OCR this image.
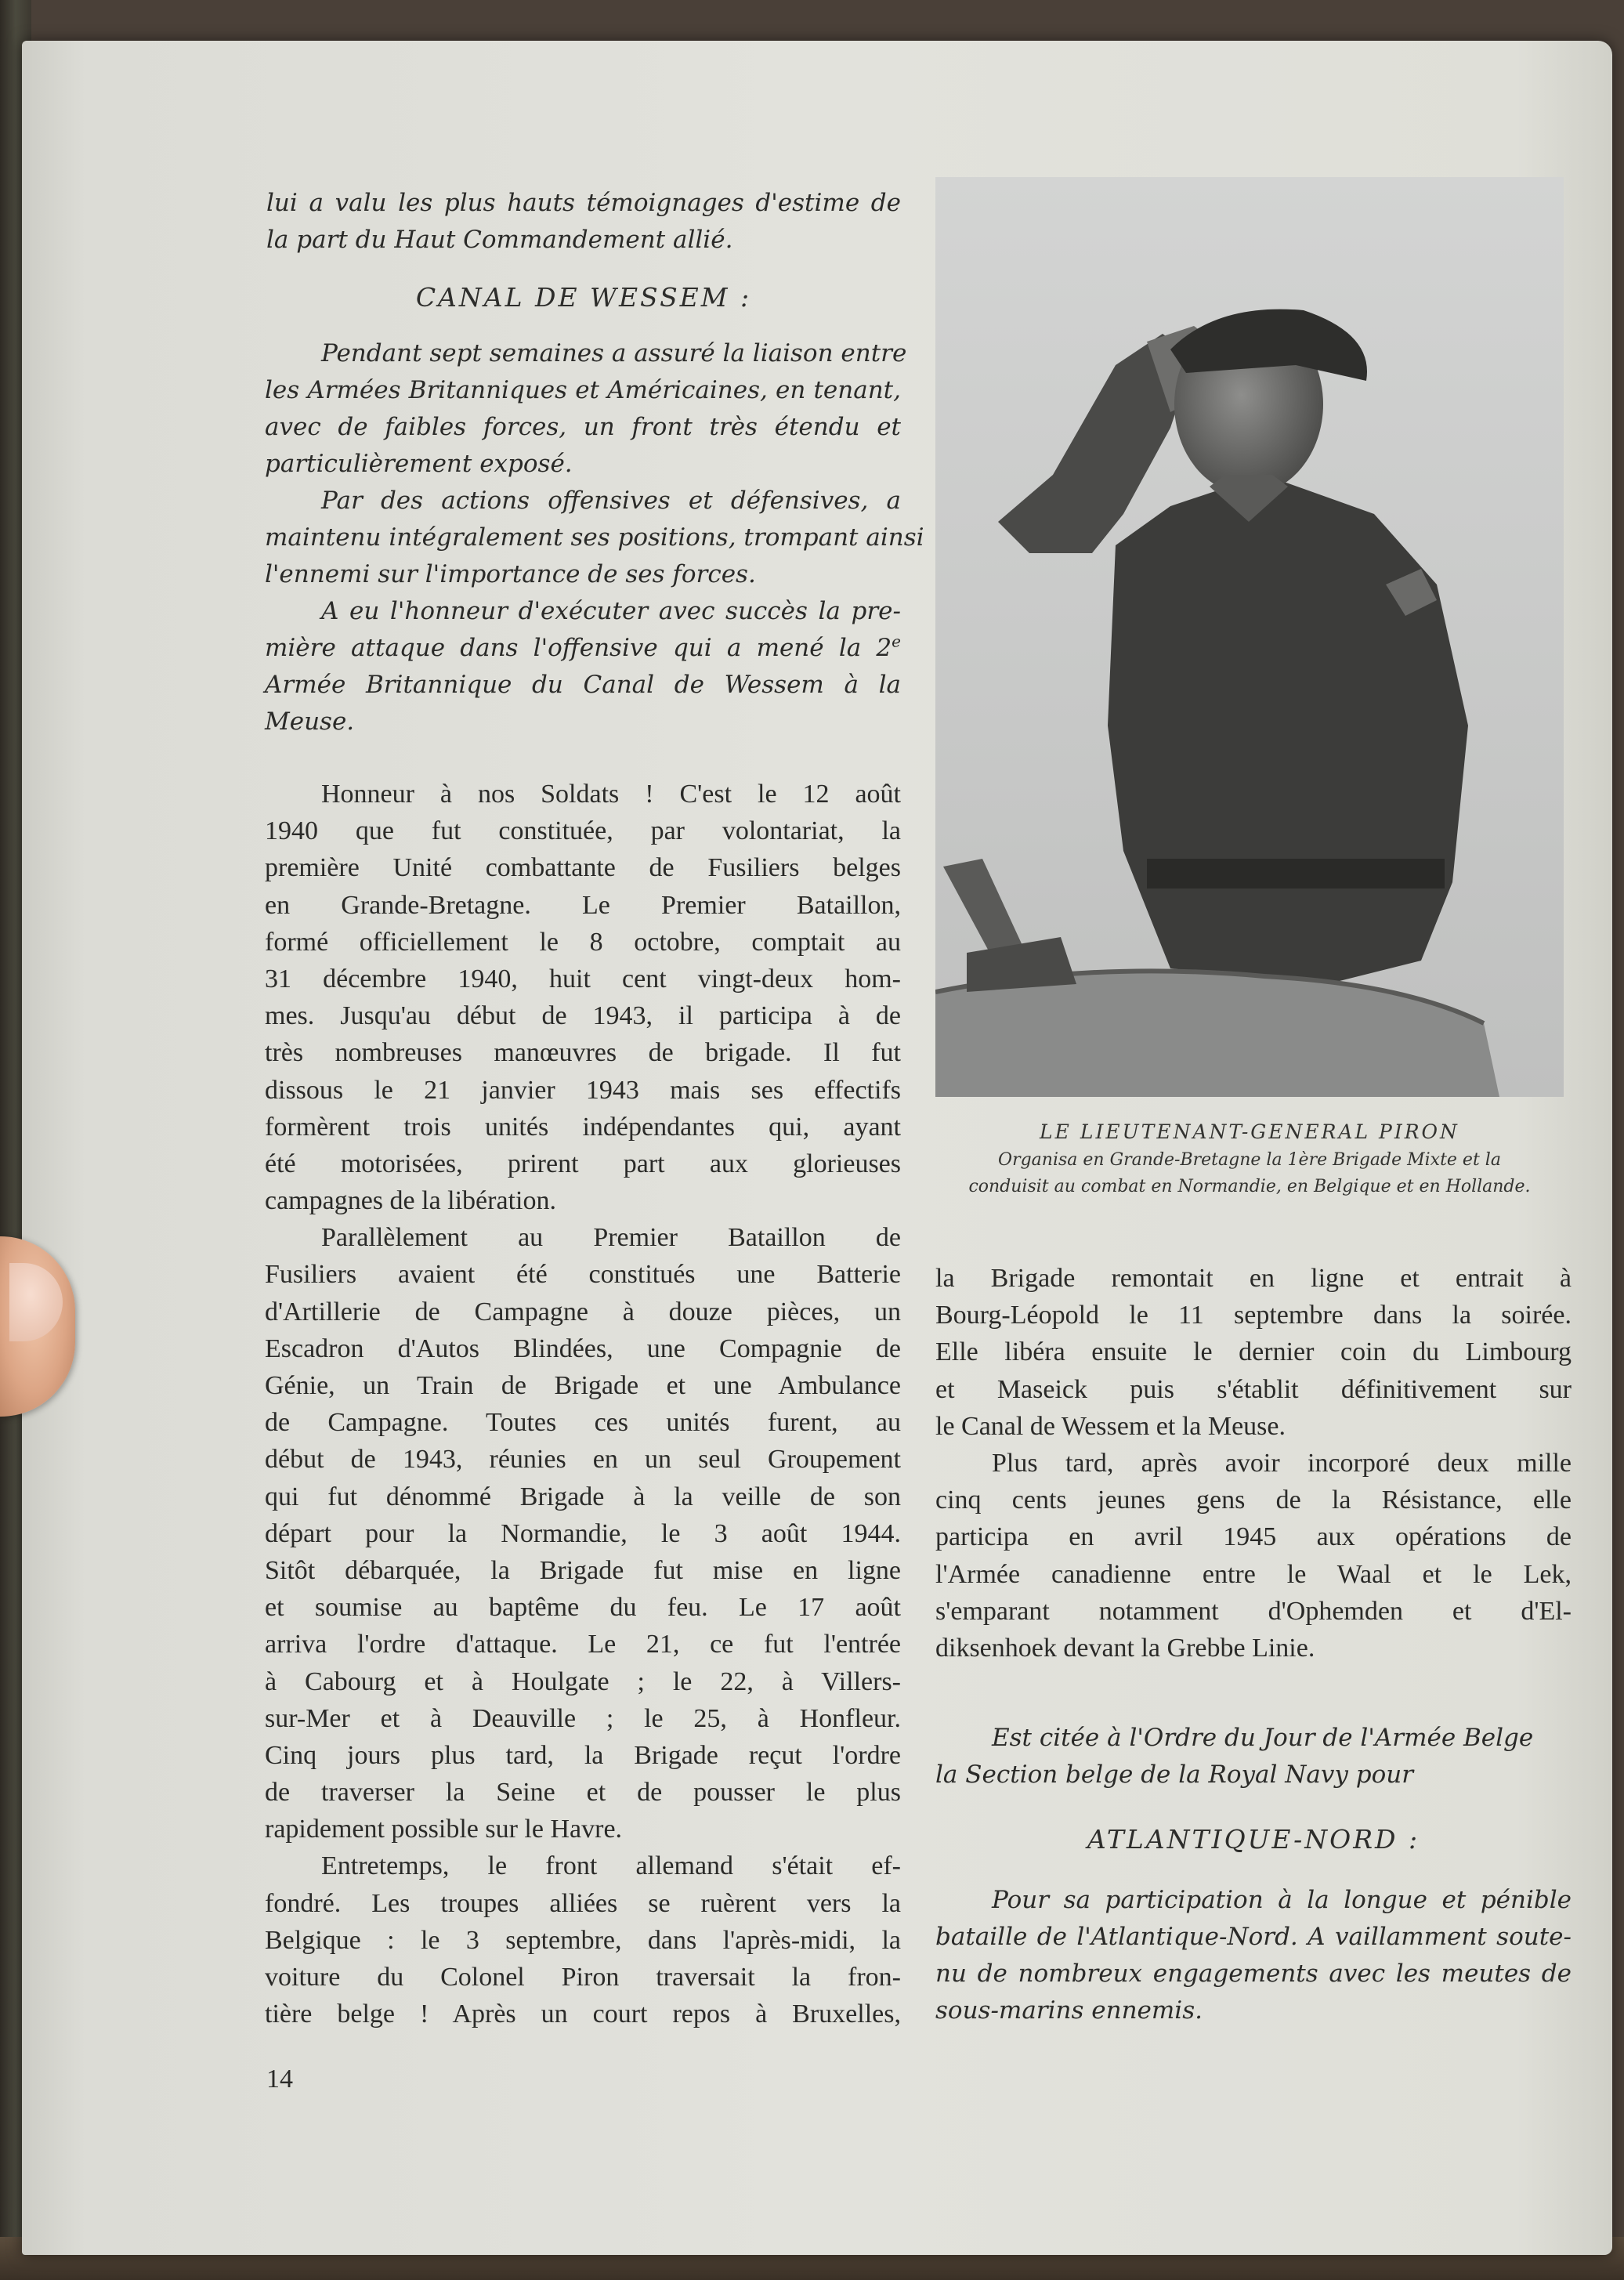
lui a valu les plus hauts témoignages d'estime de
la part du Haut Commandement allié.
CANAL DE WESSEM :
Pendant sept semaines a assuré la liaison entre
les Armées Britanniques et Américaines, en tenant,
avec de faibles forces, un front très étendu et
particulièrement exposé.
Par des actions offensives et défensives, a
maintenu intégralement ses positions, trompant ainsi
l'ennemi sur l'importance de ses forces.
A eu l'honneur d'exécuter avec succès la pre-
mière attaque dans l'offensive qui a mené la 2e
Armée Britannique du Canal de Wessem à la
Meuse.
Honneur à nos Soldats ! C'est le 12 août
1940 que fut constituée, par volontariat, la
première Unité combattante de Fusiliers belges
en Grande-Bretagne. Le Premier Bataillon,
formé officiellement le 8 octobre, comptait au
31 décembre 1940, huit cent vingt-deux hom-
mes. Jusqu'au début de 1943, il participa à de
très nombreuses manœuvres de brigade. Il fut
dissous le 21 janvier 1943 mais ses effectifs
formèrent trois unités indépendantes qui, ayant
été motorisées, prirent part aux glorieuses
campagnes de la libération.
Parallèlement au Premier Bataillon de
Fusiliers avaient été constitués une Batterie
d'Artillerie de Campagne à douze pièces, un
Escadron d'Autos Blindées, une Compagnie de
Génie, un Train de Brigade et une Ambulance
de Campagne. Toutes ces unités furent, au
début de 1943, réunies en un seul Groupement
qui fut dénommé Brigade à la veille de son
départ pour la Normandie, le 3 août 1944.
Sitôt débarquée, la Brigade fut mise en ligne
et soumise au baptême du feu. Le 17 août
arriva l'ordre d'attaque. Le 21, ce fut l'entrée
à Cabourg et à Houlgate ; le 22, à Villers-
sur-Mer et à Deauville ; le 25, à Honfleur.
Cinq jours plus tard, la Brigade reçut l'ordre
de traverser la Seine et de pousser le plus
rapidement possible sur le Havre.
Entretemps, le front allemand s'était ef-
fondré. Les troupes alliées se ruèrent vers la
Belgique : le 3 septembre, dans l'après-midi, la
voiture du Colonel Piron traversait la fron-
tière belge ! Après un court repos à Bruxelles,
LE LIEUTENANT-GENERAL PIRON
Organisa en Grande-Bretagne la 1ère Brigade Mixte et la
conduisit au combat en Normandie, en Belgique et en Hollande.
la Brigade remontait en ligne et entrait à
Bourg-Léopold le 11 septembre dans la soirée.
Elle libéra ensuite le dernier coin du Limbourg
et Maseick puis s'établit définitivement sur
le Canal de Wessem et la Meuse.
Plus tard, après avoir incorporé deux mille
cinq cents jeunes gens de la Résistance, elle
participa en avril 1945 aux opérations de
l'Armée canadienne entre le Waal et le Lek,
s'emparant notamment d'Ophemden et d'El-
diksenhoek devant la Grebbe Linie.
Est citée à l'Ordre du Jour de l'Armée Belge
la Section belge de la Royal Navy pour
ATLANTIQUE-NORD :
Pour sa participation à la longue et pénible
bataille de l'Atlantique-Nord. A vaillamment soute-
nu de nombreux engagements avec les meutes de
sous-marins ennemis.
14
